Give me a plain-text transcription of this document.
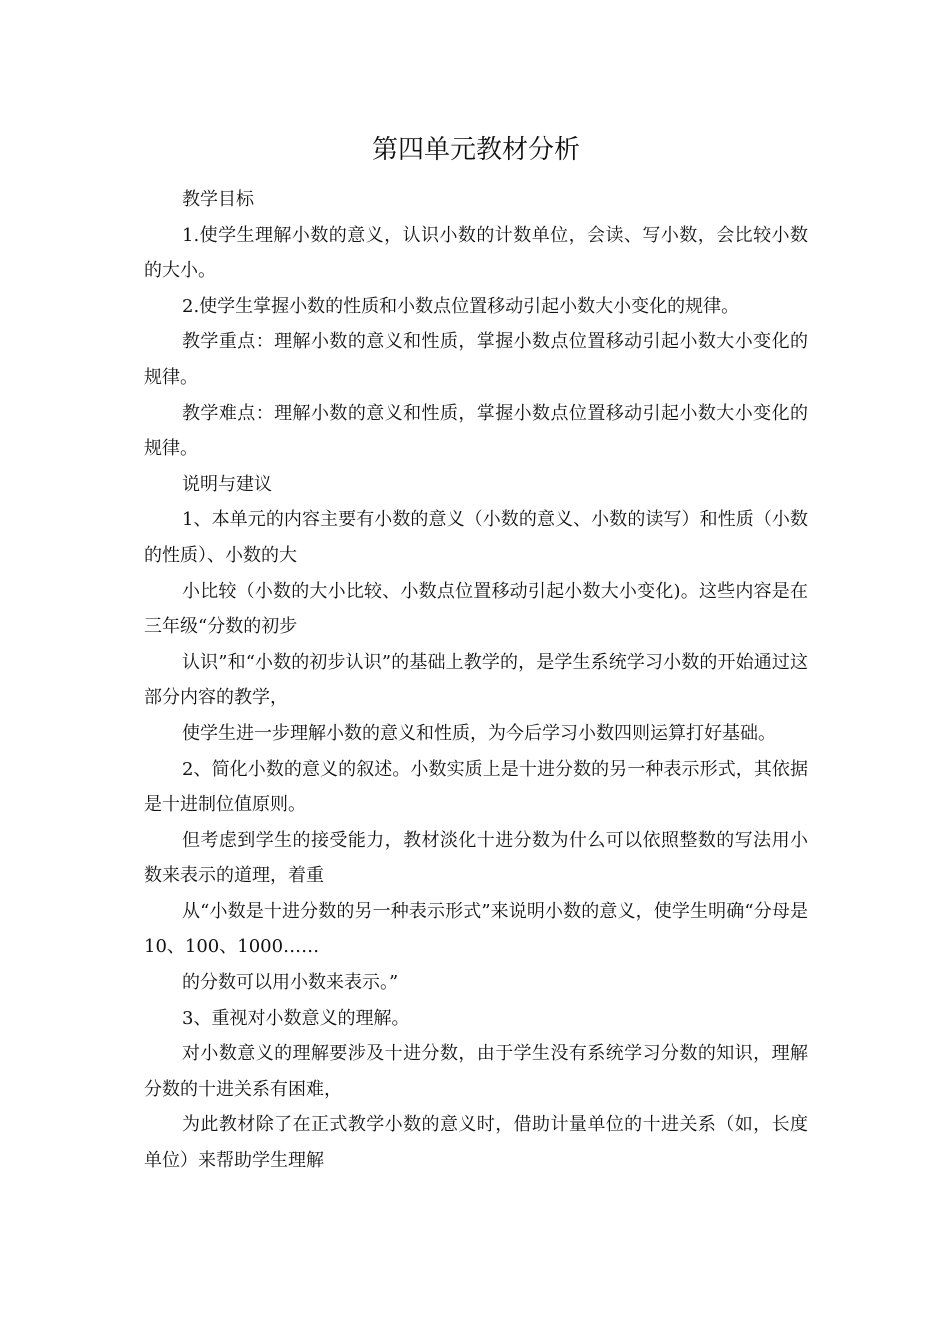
第四单元教材分析

教学目标

1.使学生理解小数的意义，认识小数的计数单位，会读、写小数，会比较小数的大小。

2.使学生掌握小数的性质和小数点位置移动引起小数大小变化的规律。

教学重点：理解小数的意义和性质，掌握小数点位置移动引起小数大小变化的规律。

教学难点：理解小数的意义和性质，掌握小数点位置移动引起小数大小变化的规律。

说明与建议

1、本单元的内容主要有小数的意义（小数的意义、小数的读写）和性质（小数的性质）、小数的大

小比较（小数的大小比较、小数点位置移动引起小数大小变化)。这些内容是在三年级“分数的初步

认识”和“小数的初步认识”的基础上教学的，是学生系统学习小数的开始通过这部分内容的教学，

使学生进一步理解小数的意义和性质，为今后学习小数四则运算打好基础。

2、简化小数的意义的叙述。小数实质上是十进分数的另一种表示形式，其依据是十进制位值原则。

但考虑到学生的接受能力，教材淡化十进分数为什么可以依照整数的写法用小数来表示的道理，着重

从“小数是十进分数的另一种表示形式”来说明小数的意义，使学生明确“分母是10、100、1000……

的分数可以用小数来表示。”

3、重视对小数意义的理解。

对小数意义的理解要涉及十进分数，由于学生没有系统学习分数的知识，理解分数的十进关系有困难，

为此教材除了在正式教学小数的意义时，借助计量单位的十进关系（如，长度单位）来帮助学生理解
